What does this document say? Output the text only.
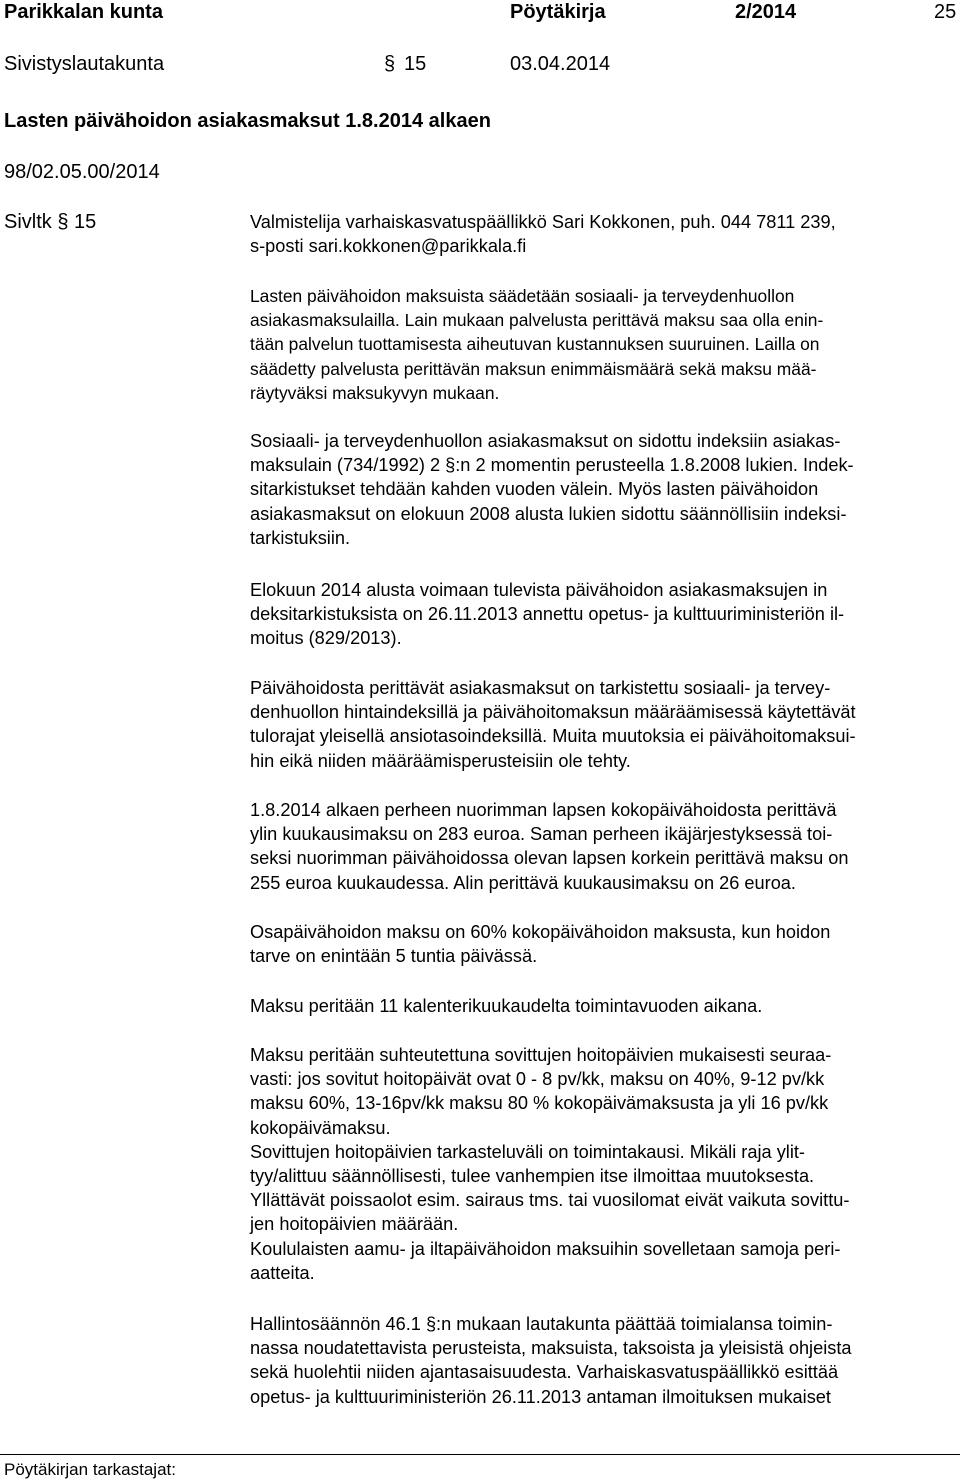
Parikkalan kunta	Pöytäkirja	2/2014	25
Sivistyslautakunta	§ 15	03.04.2014
Lasten päivähoidon asiakasmaksut 1.8.2014 alkaen
98/02.05.00/2014
Sivltk § 15	Valmistelija varhaiskasvatuspäällikkö Sari Kokkonen, puh. 044 7811 239,
s-posti sari.kokkonen@parikkala.fi
Lasten päivähoidon maksuista säädetään sosiaali- ja terveydenhuollon
asiakasmaksulailla. Lain mukaan palvelusta perittävä maksu saa olla enin-
tään palvelun tuottamisesta aiheutuvan kustannuksen suuruinen. Lailla on
säädetty palvelusta perittävän maksun enimmäismäärä sekä maksu mää-
räytyväksi maksukyvyn mukaan.
Sosiaali- ja terveydenhuollon asiakasmaksut on sidottu indeksiin asiakas-
maksulain (734/1992) 2 §:n 2 momentin perusteella 1.8.2008 lukien. Indek-
sitarkistukset tehdään kahden vuoden välein. Myös lasten päivähoidon
asiakasmaksut on elokuun 2008 alusta lukien sidottu säännöllisiin indeksi-
tarkistuksiin.
Elokuun 2014 alusta voimaan tulevista päivähoidon asiakasmaksujen in
deksitarkistuksista on 26.11.2013 annettu opetus- ja kulttuuriministeriön il-
moitus (829/2013).
Päivähoidosta perittävät asiakasmaksut on tarkistettu sosiaali- ja tervey-
denhuollon hintaindeksillä ja päivähoitomaksun määräämisessä käytettävät
tulorajat yleisellä ansiotasoindeksillä. Muita muutoksia ei päivähoitomaksui-
hin eikä niiden määräämisperusteisiin ole tehty.
1.8.2014 alkaen perheen nuorimman lapsen kokopäivähoidosta perittävä
ylin kuukausimaksu on 283 euroa. Saman perheen ikäjärjestyksessä toi-
seksi nuorimman päivähoidossa olevan lapsen korkein perittävä maksu on
255 euroa kuukaudessa. Alin perittävä kuukausimaksu on 26 euroa.
Osapäivähoidon maksu on 60% kokopäivähoidon maksusta, kun hoidon
tarve on enintään 5 tuntia päivässä.
Maksu peritään 11 kalenterikuukaudelta toimintavuoden aikana.
Maksu peritään suhteutettuna sovittujen hoitopäivien mukaisesti seuraa-
vasti: jos sovitut hoitopäivät ovat 0 - 8 pv/kk, maksu on 40%, 9-12 pv/kk
maksu 60%, 13-16pv/kk maksu 80 % kokopäivämaksusta ja yli 16 pv/kk
kokopäivämaksu.
Sovittujen hoitopäivien tarkasteluväli on toimintakausi. Mikäli raja ylit-
tyy/alittuu säännöllisesti, tulee vanhempien itse ilmoittaa muutoksesta.
Yllättävät poissaolot esim. sairaus tms. tai vuosilomat eivät vaikuta sovittu-
jen hoitopäivien määrään.
Koululaisten aamu- ja iltapäivähoidon maksuihin sovelletaan samoja peri-
aatteita.
Hallintosäännön 46.1 §:n mukaan lautakunta päättää toimialansa toimin-
nassa noudatettavista perusteista, maksuista, taksoista ja yleisistä ohjeista
sekä huolehtii niiden ajantasaisuudesta. Varhaiskasvatuspäällikkö esittää
opetus- ja kulttuuriministeriön 26.11.2013 antaman ilmoituksen mukaiset
Pöytäkirjan tarkastajat:
